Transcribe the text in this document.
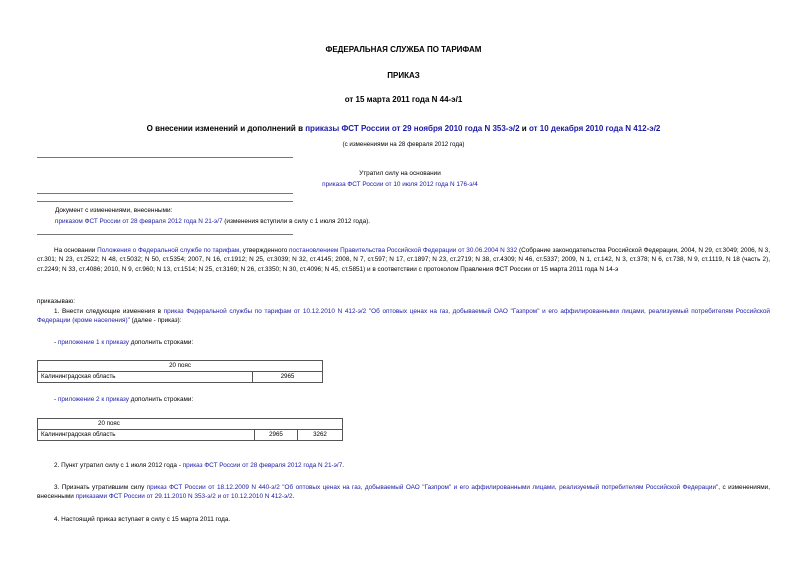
ФЕДЕРАЛЬНАЯ СЛУЖБА ПО ТАРИФАМ
ПРИКАЗ
от 15 марта 2011 года N 44-э/1
О внесении изменений и дополнений в приказы ФСТ России от 29 ноября 2010 года N 353-э/2 и от 10 декабря 2010 года N 412-э/2
(с изменениями на 28 февраля 2012 года)
Утратил силу на основании
приказа ФСТ России от 10 июля 2012 года N 176-э/4
Документ с изменениями, внесенными:
приказом ФСТ России от 28 февраля 2012 года N 21-э/7 (изменения вступили в силу с 1 июля 2012 года).
На основании Положения о Федеральной службе по тарифам, утвержденного постановлением Правительства Российской Федерации от 30.06.2004 N 332 (Собрание законодательства Российской Федерации, 2004, N 29, ст.3049; 2006, N 3, ст.301; N 23, ст.2522; N 48, ст.5032; N 50, ст.5354; 2007, N 16, ст.1912; N 25, ст.3039; N 32, ст.4145; 2008, N 7, ст.597; N 17, ст.1897; N 23, ст.2719; N 38, ст.4309; N 46, ст.5337; 2009, N 1, ст.142, N 3, ст.378; N 6, ст.738, N 9, ст.1119, N 18 (часть 2), ст.2249; N 33, ст.4086; 2010, N 9, ст.960; N 13, ст.1514; N 25, ст.3169; N 26, ст.3350; N 30, ст.4096; N 45, ст.5851) и в соответствии с протоколом Правления ФСТ России от 15 марта 2011 года N 14-э
приказываю:
1. Внести следующие изменения в приказ Федеральной службы по тарифам от 10.12.2010 N 412-э/2 "Об оптовых ценах на газ, добываемый ОАО "Газпром" и его аффилированными лицами, реализуемый потребителям Российской Федерации (кроме населения)" (далее - приказ):
- приложение 1 к приказу дополнить строками:
20 пояс
Калининградская область	2965
- приложение 2 к приказу дополнить строками:
20 пояс
Калининградская область	2965	3262
2. Пункт утратил силу с 1 июля 2012 года - приказ ФСТ России от 28 февраля 2012 года N 21-э/7.
3. Признать утратившим силу приказ ФСТ России от 18.12.2009 N 440-э/2 "Об оптовых ценах на газ, добываемый ОАО "Газпром" и его аффилированными лицами, реализуемый потребителям Российской Федерации", с изменениями, внесенными приказами ФСТ России от 29.11.2010 N 353-э/2 и от 10.12.2010 N 412-э/2.
4. Настоящий приказ вступает в силу с 15 марта 2011 года.
